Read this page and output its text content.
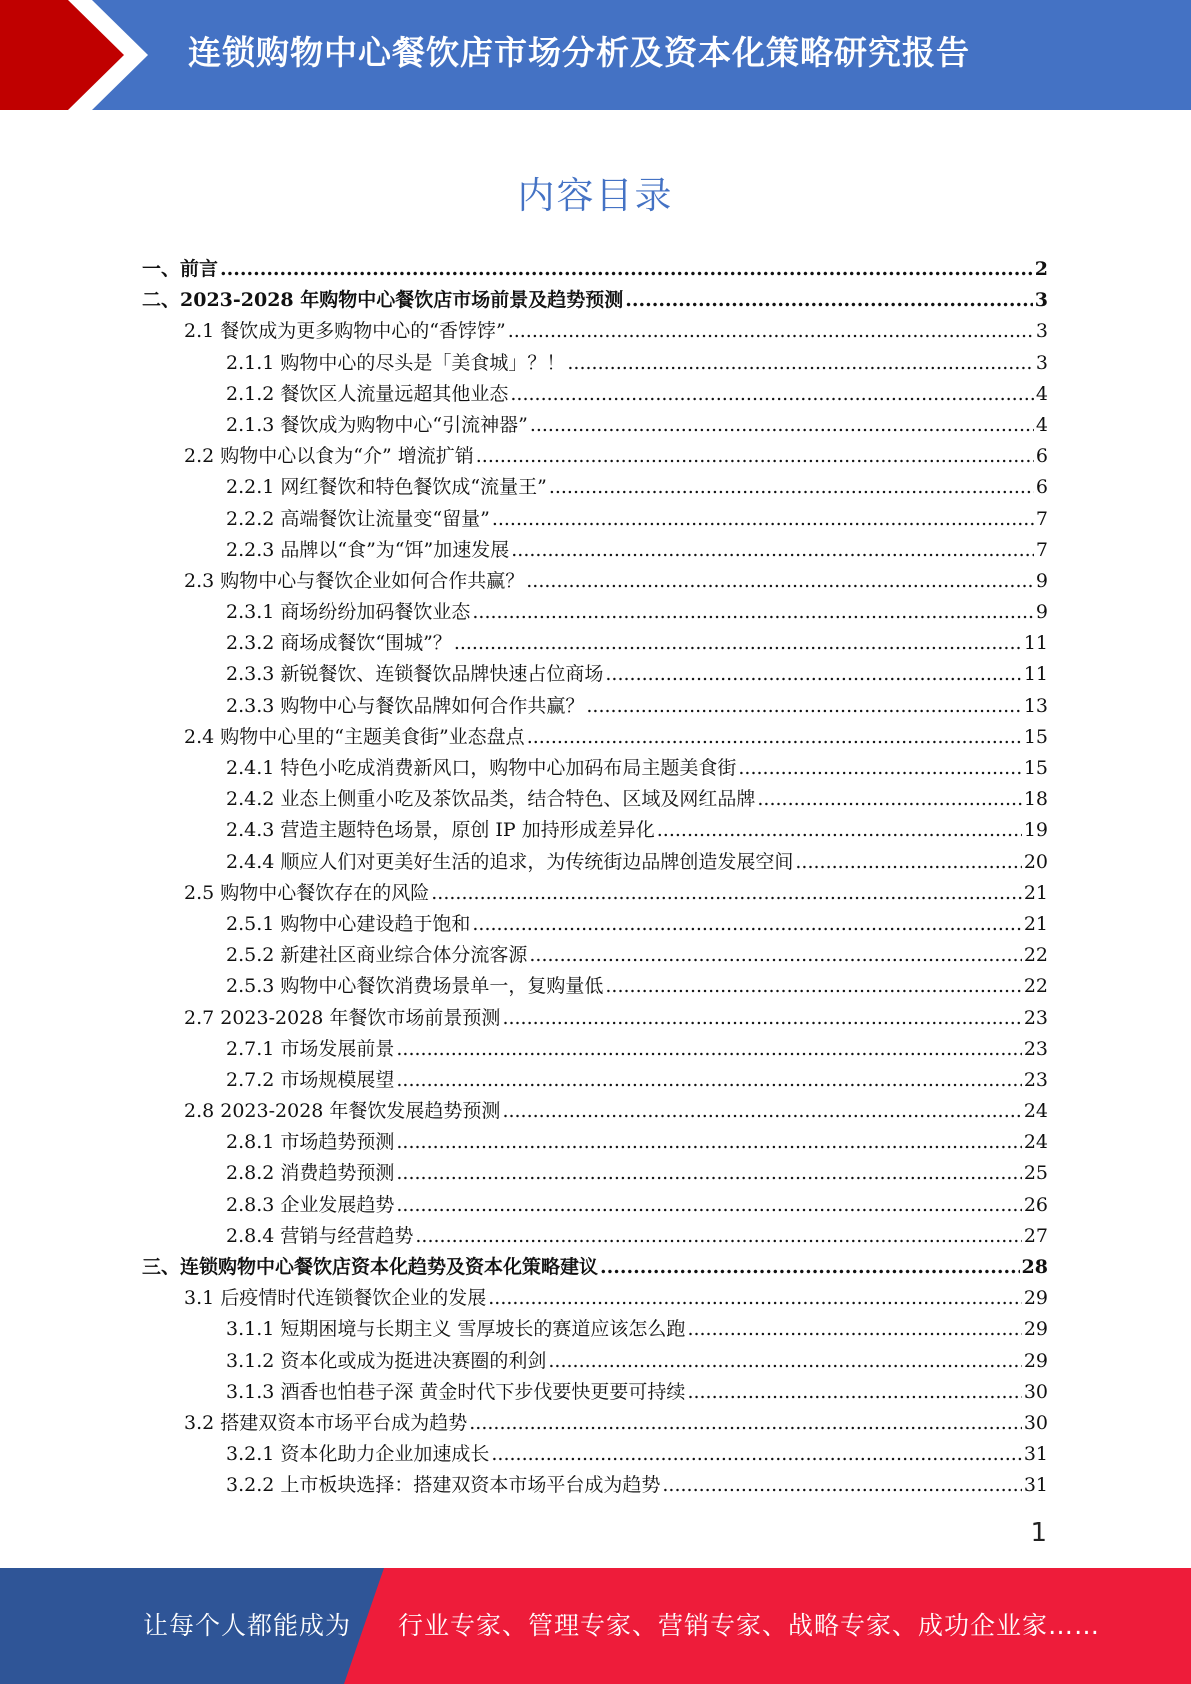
连锁购物中心餐饮店市场分析及资本化策略研究报告
内容目录
一、前言 .....	2
二、2023-2028 年购物中心餐饮店市场前景及趋势预测 .....	3
2.1 餐饮成为更多购物中心的“香饽饽” .....	3
2.1.1 购物中心的尽头是「美食城」？！ .....	3
2.1.2 餐饮区人流量远超其他业态 .....	4
2.1.3 餐饮成为购物中心“引流神器” .....	4
2.2 购物中心以食为“介” 增流扩销 .....	6
2.2.1 网红餐饮和特色餐饮成“流量王” .....	6
2.2.2 高端餐饮让流量变“留量” .....	7
2.2.3 品牌以“食”为“饵”加速发展 .....	7
2.3 购物中心与餐饮企业如何合作共赢？ .....	9
2.3.1 商场纷纷加码餐饮业态 .....	9
2.3.2 商场成餐饮“围城”？ .....	11
2.3.3 新锐餐饮、连锁餐饮品牌快速占位商场 .....	11
2.3.3 购物中心与餐饮品牌如何合作共赢？ .....	13
2.4 购物中心里的“主题美食街”业态盘点 .....	15
2.4.1 特色小吃成消费新风口，购物中心加码布局主题美食街 .....	15
2.4.2 业态上侧重小吃及茶饮品类，结合特色、区域及网红品牌 .....	18
2.4.3 营造主题特色场景，原创 IP 加持形成差异化 .....	19
2.4.4 顺应人们对更美好生活的追求，为传统街边品牌创造发展空间 .....	20
2.5 购物中心餐饮存在的风险 .....	21
2.5.1 购物中心建设趋于饱和 .....	21
2.5.2 新建社区商业综合体分流客源 .....	22
2.5.3 购物中心餐饮消费场景单一，复购量低 .....	22
2.7 2023-2028 年餐饮市场前景预测 .....	23
2.7.1 市场发展前景 .....	23
2.7.2 市场规模展望 .....	23
2.8 2023-2028 年餐饮发展趋势预测 .....	24
2.8.1 市场趋势预测 .....	24
2.8.2 消费趋势预测 .....	25
2.8.3 企业发展趋势 .....	26
2.8.4 营销与经营趋势 .....	27
三、连锁购物中心餐饮店资本化趋势及资本化策略建议 .....	28
3.1 后疫情时代连锁餐饮企业的发展 .....	29
3.1.1 短期困境与长期主义 雪厚坡长的赛道应该怎么跑 .....	29
3.1.2 资本化或成为挺进决赛圈的利剑 .....	29
3.1.3 酒香也怕巷子深 黄金时代下步伐要快更要可持续 .....	30
3.2 搭建双资本市场平台成为趋势 .....	30
3.2.1 资本化助力企业加速成长 .....	31
3.2.2 上市板块选择：搭建双资本市场平台成为趋势 .....	31
1
让每个人都能成为 行业专家、管理专家、营销专家、战略专家、成功企业家……
